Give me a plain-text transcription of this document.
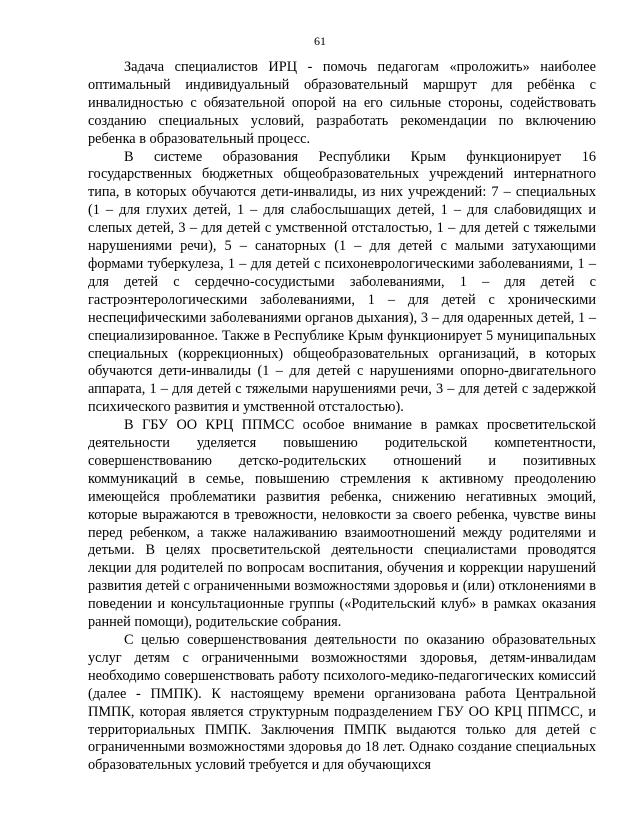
61

Задача специалистов ИРЦ - помочь педагогам «проложить» наиболее оптимальный индивидуальный образовательный маршрут для ребёнка с инвалидностью с обязательной опорой на его сильные стороны, содействовать созданию специальных условий, разработать рекомендации по включению ребенка в образовательный процесс.

В системе образования Республики Крым функционирует 16 государственных бюджетных общеобразовательных учреждений интернатного типа, в которых обучаются дети-инвалиды, из них учреждений: 7 – специальных (1 – для глухих детей, 1 – для слабослышащих детей, 1 – для слабовидящих и слепых детей, 3 – для детей с умственной отсталостью, 1 – для детей с тяжелыми нарушениями речи), 5 – санаторных (1 – для детей с малыми затухающими формами туберкулеза, 1 – для детей с психоневрологическими заболеваниями, 1 – для детей с сердечно-сосудистыми заболеваниями, 1 – для детей с гастроэнтерологическими заболеваниями, 1 – для детей с хроническими неспецифическими заболеваниями органов дыхания), 3 – для одаренных детей, 1 – специализированное. Также в Республике Крым функционирует 5 муниципальных специальных (коррекционных) общеобразовательных организаций, в которых обучаются дети-инвалиды (1 – для детей с нарушениями опорно-двигательного аппарата, 1 – для детей с тяжелыми нарушениями речи, 3 – для детей с задержкой психического развития и умственной отсталостью).

В ГБУ ОО КРЦ ППМСС особое внимание в рамках просветительской деятельности уделяется повышению родительской компетентности, совершенствованию детско-родительских отношений и позитивных коммуникаций в семье, повышению стремления к активному преодолению имеющейся проблематики развития ребенка, снижению негативных эмоций, которые выражаются в тревожности, неловкости за своего ребенка, чувстве вины перед ребенком, а также налаживанию взаимоотношений между родителями и детьми. В целях просветительской деятельности специалистами проводятся лекции для родителей по вопросам воспитания, обучения и коррекции нарушений развития детей с ограниченными возможностями здоровья и (или) отклонениями в поведении и консультационные группы («Родительский клуб» в рамках оказания ранней помощи), родительские собрания.

С целью совершенствования деятельности по оказанию образовательных услуг детям с ограниченными возможностями здоровья, детям-инвалидам необходимо совершенствовать работу психолого-медико-педагогических комиссий (далее - ПМПК). К настоящему времени организована работа Центральной ПМПК, которая является структурным подразделением ГБУ ОО КРЦ ППМСС, и территориальных ПМПК. Заключения ПМПК выдаются только для детей с ограниченными возможностями здоровья до 18 лет. Однако создание специальных образовательных условий требуется и для обучающихся
